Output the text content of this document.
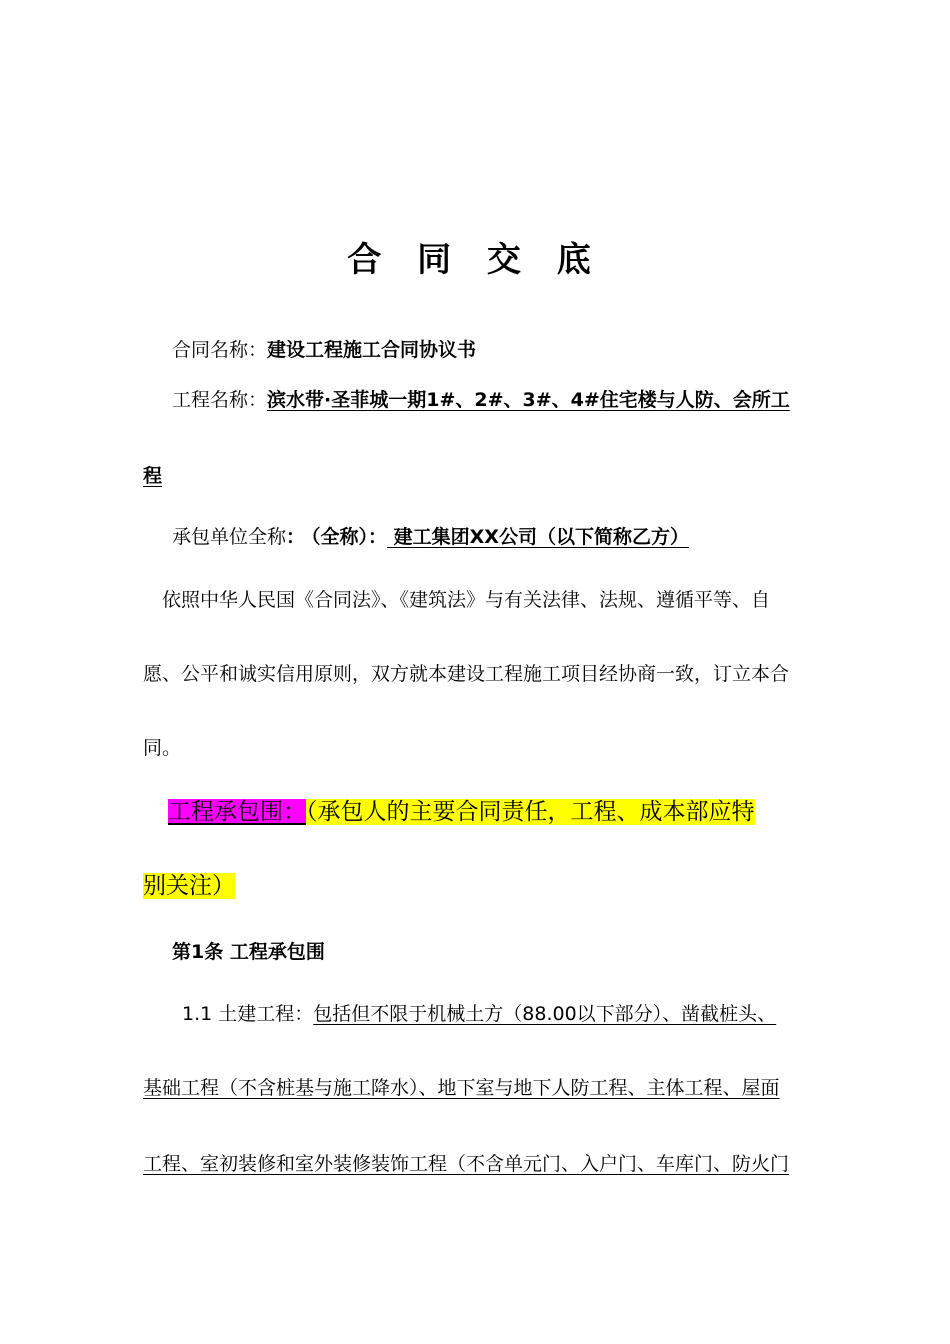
合 同 交 底
合同名称：建设工程施工合同协议书
工程名称：滨水带·圣菲城一期1#、2#、3#、4#住宅楼与人防、会所工
程
承包单位全称： （全称）： 建工集团XX公司（以下简称乙方）
依照中华人民国《合同法》、《建筑法》与有关法律、法规、遵循平等、自
愿、公平和诚实信用原则，双方就本建设工程施工项目经协商一致，订立本合
同。
工程承包围：（承包人的主要合同责任，工程、成本部应特
别关注）
第1条 工程承包围
1.1 土建工程：包括但不限于机械土方（88.00以下部分）、凿截桩头、
基础工程（不含桩基与施工降水）、地下室与地下人防工程、主体工程、屋面
工程、室初装修和室外装修装饰工程（不含单元门、入户门、车库门、防火门
